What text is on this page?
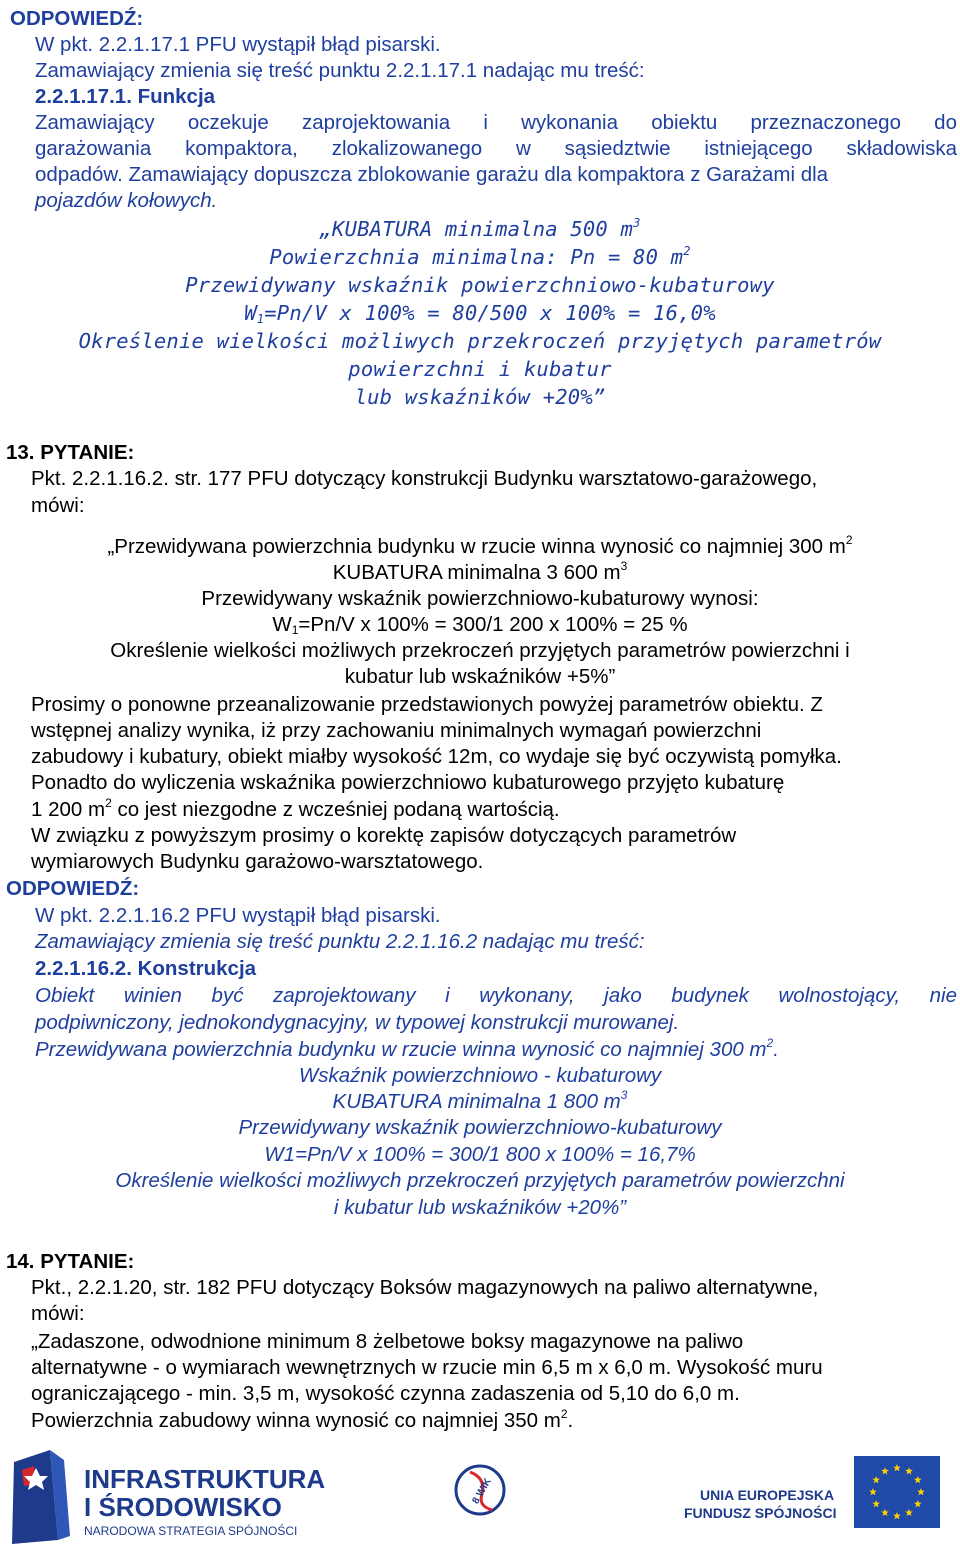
ODPOWIEDŹ:
W pkt. 2.2.1.17.1 PFU wystąpił błąd pisarski.
Zamawiający zmienia się treść punktu 2.2.1.17.1 nadając mu treść:
2.2.1.17.1. Funkcja
Zamawiający oczekuje zaprojektowania i wykonania obiektu przeznaczonego do
garażowania kompaktora, zlokalizowanego w sąsiedztwie istniejącego składowiska
odpadów. Zamawiający dopuszcza zblokowanie garażu dla kompaktora z Garażami dla
pojazdów kołowych.
„KUBATURA minimalna 500 $m^3$
Powierzchnia minimalna: Pn = 80 $m^2$
Przewidywany wskaźnik powierzchniowo-kubaturowy
$W_1=Pn/V$ x 100% = 80/500 x 100% = 16,0%
Określenie wielkości możliwych przekroczeń przyjętych parametrów
powierzchni i kubatur
lub wskaźników +20%”
13. PYTANIE:
Pkt. 2.2.1.16.2. str. 177 PFU dotyczący konstrukcji Budynku warsztatowo-garażowego,
mówi:
„Przewidywana powierzchnia budynku w rzucie winna wynosić co najmniej 300 $m^2$
KUBATURA minimalna 3 600 $m^3$
Przewidywany wskaźnik powierzchniowo-kubaturowy wynosi:
$W_1=Pn/V$ x 100% = 300/1 200 x 100% = 25 %
Określenie wielkości możliwych przekroczeń przyjętych parametrów powierzchni i
kubatur lub wskaźników +5%”
Prosimy o ponowne przeanalizowanie przedstawionych powyżej parametrów obiektu. Z
wstępnej analizy wynika, iż przy zachowaniu minimalnych wymagań powierzchni
zabudowy i kubatury, obiekt miałby wysokość 12m, co wydaje się być oczywistą pomyłka.
Ponadto do wyliczenia wskaźnika powierzchniowo kubaturowego przyjęto kubaturę
1 200 $m^2$ co jest niezgodne z wcześniej podaną wartością.
W związku z powyższym prosimy o korektę zapisów dotyczących parametrów
wymiarowych Budynku garażowo-warsztatowego.
ODPOWIEDŹ:
W pkt. 2.2.1.16.2 PFU wystąpił błąd pisarski.
Zamawiający zmienia się treść punktu 2.2.1.16.2 nadając mu treść:
2.2.1.16.2. Konstrukcja
Obiekt winien być zaprojektowany i wykonany, jako budynek wolnostojący, nie
podpiwniczony, jednokondygnacyjny, w typowej konstrukcji murowanej.
Przewidywana powierzchnia budynku w rzucie winna wynosić co najmniej 300 $m^2$.
Wskaźnik powierzchniowo - kubaturowy
KUBATURA minimalna 1 800 $m^3$
Przewidywany wskaźnik powierzchniowo-kubaturowy
W1=Pn/V x 100% = 300/1 800 x 100% = 16,7%
Określenie wielkości możliwych przekroczeń przyjętych parametrów powierzchni
i kubatur lub wskaźników +20%”
14. PYTANIE:
Pkt., 2.2.1.20, str. 182 PFU dotyczący Boksów magazynowych na paliwo alternatywne,
mówi:
„Zadaszone, odwodnione minimum 8 żelbetowe boksy magazynowe na paliwo
alternatywne - o wymiarach wewnętrznych w rzucie min 6,5 m x 6,0 m. Wysokość muru
ograniczającego - min. 3,5 m, wysokość czynna zadaszenia od 5,10 do 6,0 m.
Powierzchnia zabudowy winna wynosić co najmniej 350 $m^2$.
INFRASTRUKTURA
I ŚRODOWISKO
NARODOWA STRATEGIA SPÓJNOŚCI
8 WIK	UNIA EUROPEJSKA
FUNDUSZ SPÓJNOŚCI
